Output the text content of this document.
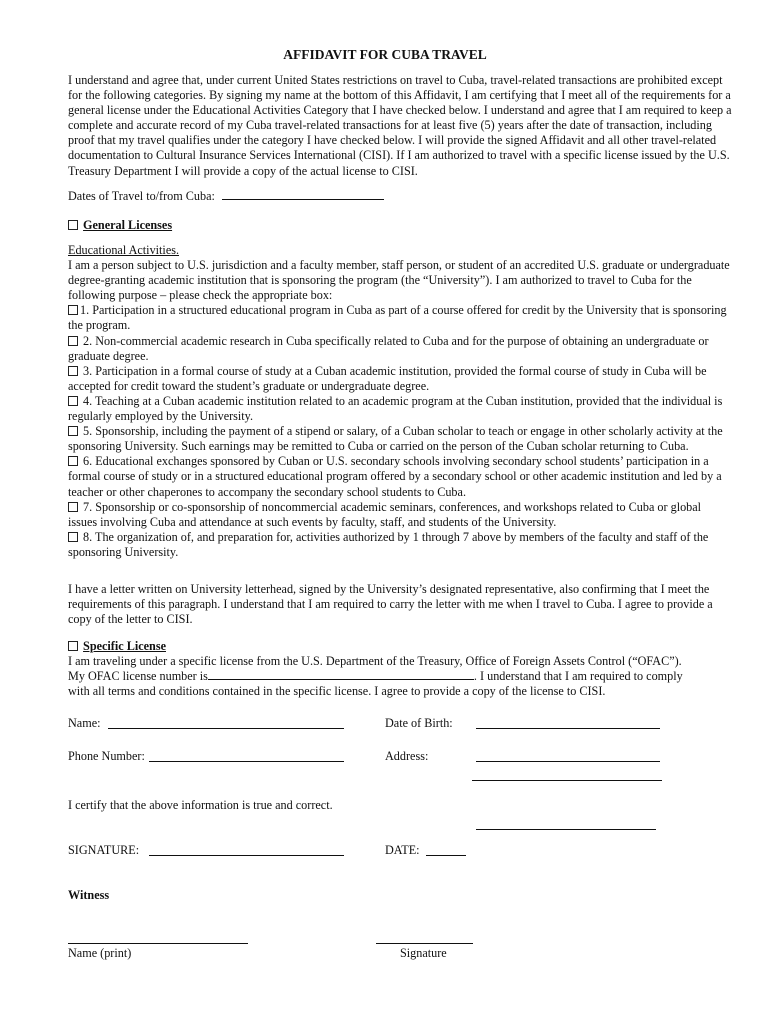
AFFIDAVIT FOR CUBA TRAVEL

I understand and agree that, under current United States restrictions on travel to Cuba, travel-related transactions are prohibited except for the following categories. By signing my name at the bottom of this Affidavit, I am certifying that I meet all of the requirements for a general license under the Educational Activities Category that I have checked below. I understand and agree that I am required to keep a complete and accurate record of my Cuba travel-related transactions for at least five (5) years after the date of transaction, including proof that my travel qualifies under the category I have checked below. I will provide the signed Affidavit and all other travel-related documentation to Cultural Insurance Services International (CISI). If I am authorized to travel with a specific license issued by the U.S. Treasury Department I will provide a copy of the actual license to CISI.

Dates of Travel to/from Cuba:

General Licenses

Educational Activities.

I am a person subject to U.S. jurisdiction and a faculty member, staff person, or student of an accredited U.S. graduate or undergraduate degree-granting academic institution that is sponsoring the program (the “University”). I am authorized to travel to Cuba for the following purpose – please check the appropriate box:

1. Participation in a structured educational program in Cuba as part of a course offered for credit by the University that is sponsoring the program.

2. Non-commercial academic research in Cuba specifically related to Cuba and for the purpose of obtaining an undergraduate or graduate degree.

3. Participation in a formal course of study at a Cuban academic institution, provided the formal course of study in Cuba will be accepted for credit toward the student’s graduate or undergraduate degree.

4. Teaching at a Cuban academic institution related to an academic program at the Cuban institution, provided that the individual is regularly employed by the University.

5. Sponsorship, including the payment of a stipend or salary, of a Cuban scholar to teach or engage in other scholarly activity at the sponsoring University. Such earnings may be remitted to Cuba or carried on the person of the Cuban scholar returning to Cuba.

6. Educational exchanges sponsored by Cuban or U.S. secondary schools involving secondary school students’ participation in a formal course of study or in a structured educational program offered by a secondary school or other academic institution and led by a teacher or other chaperones to accompany the secondary school students to Cuba.

7. Sponsorship or co-sponsorship of noncommercial academic seminars, conferences, and workshops related to Cuba or global issues involving Cuba and attendance at such events by faculty, staff, and students of the University.

8. The organization of, and preparation for, activities authorized by 1 through 7 above by members of the faculty and staff of the sponsoring University.

I have a letter written on University letterhead, signed by the University’s designated representative, also confirming that I meet the requirements of this paragraph. I understand that I am required to carry the letter with me when I travel to Cuba. I agree to provide a copy of the letter to CISI.

Specific License

I am traveling under a specific license from the U.S. Department of the Treasury, Office of Foreign Assets Control (“OFAC”).

My OFAC license number is	. I understand that I am required to comply

with all terms and conditions contained in the specific license. I agree to provide a copy of the license to CISI.

Name:	Date of Birth:
Phone Number:	Address:
I certify that the above information is true and correct.
SIGNATURE:	DATE:
Witness
Name (print)	Signature
